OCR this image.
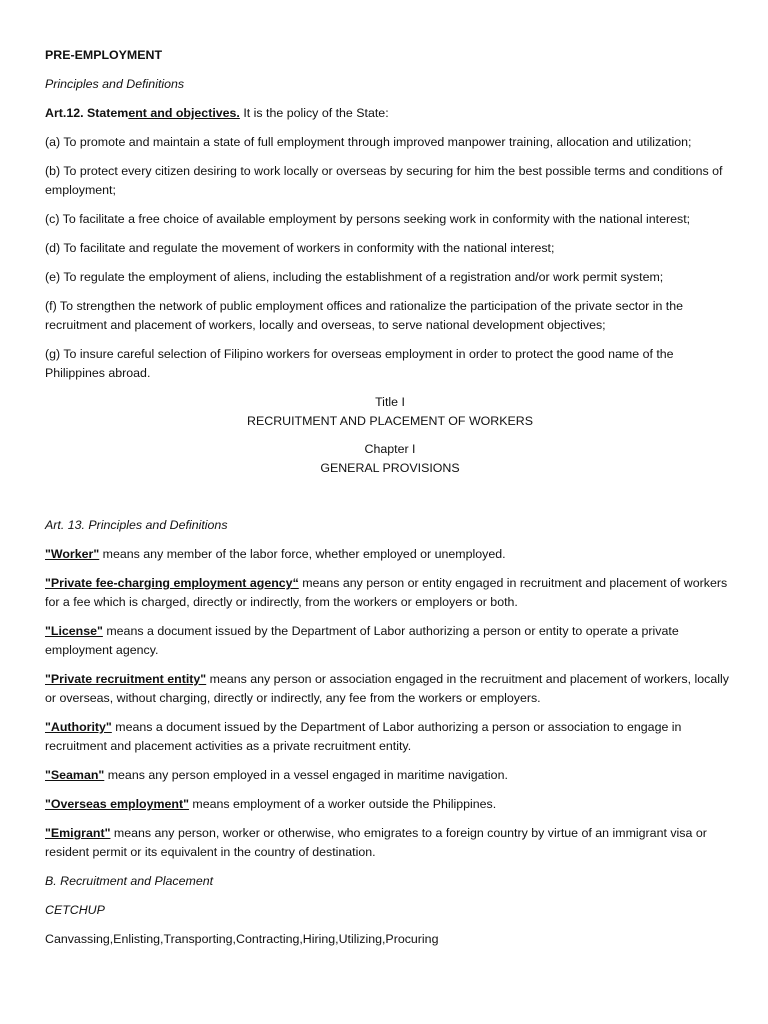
PRE-EMPLOYMENT

Principles and Definitions

Art.12. Statement and objectives. It is the policy of the State:

(a) To promote and maintain a state of full employment through improved manpower training, allocation and utilization;

(b) To protect every citizen desiring to work locally or overseas by securing for him the best possible terms and conditions of employment;

(c) To facilitate a free choice of available employment by persons seeking work in conformity with the national interest;

(d) To facilitate and regulate the movement of workers in conformity with the national interest;

(e) To regulate the employment of aliens, including the establishment of a registration and/or work permit system;

(f) To strengthen the network of public employment offices and rationalize the participation of the private sector in the recruitment and placement of workers, locally and overseas, to serve national development objectives;

(g) To insure careful selection of Filipino workers for overseas employment in order to protect the good name of the Philippines abroad.

Title I

RECRUITMENT AND PLACEMENT OF WORKERS

Chapter I

GENERAL PROVISIONS

Art. 13. Principles and Definitions

"Worker" means any member of the labor force, whether employed or unemployed.

"Private fee-charging employment agency“ means any person or entity engaged in recruitment and placement of workers for a fee which is charged, directly or indirectly, from the workers or employers or both.

"License" means a document issued by the Department of Labor authorizing a person or entity to operate a private employment agency.

"Private recruitment entity" means any person or association engaged in the recruitment and placement of workers, locally or overseas, without charging, directly or indirectly, any fee from the workers or employers.

"Authority" means a document issued by the Department of Labor authorizing a person or association to engage in recruitment and placement activities as a private recruitment entity.

"Seaman" means any person employed in a vessel engaged in maritime navigation.

"Overseas employment" means employment of a worker outside the Philippines.

"Emigrant" means any person, worker or otherwise, who emigrates to a foreign country by virtue of an immigrant visa or resident permit or its equivalent in the country of destination.

B. Recruitment and Placement

CETCHUP

Canvassing,Enlisting,Transporting,Contracting,Hiring,Utilizing,Procuring
